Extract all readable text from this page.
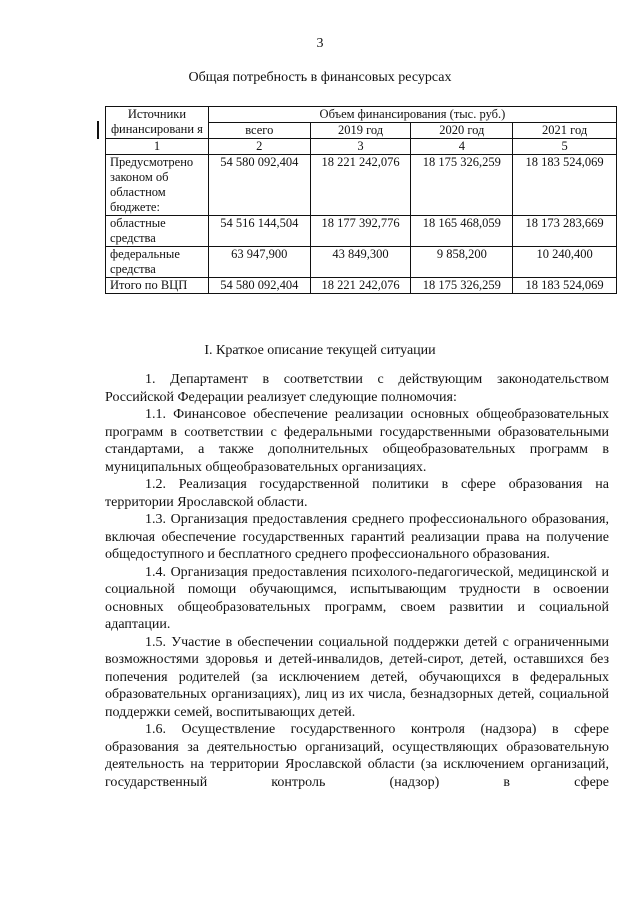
3
Общая потребность в финансовых ресурсах
Источники финансировани я	Объем финансирования (тыс. руб.)			
	всего	2019 год	2020 год	2021 год
1	2	3	4	5
Предусмотрено законом об областном бюджете:	54 580 092,404	18 221 242,076	18 175 326,259	18 183 524,069
областные средства	54 516 144,504	18 177 392,776	18 165 468,059	18 173 283,669
федеральные средства	63 947,900	43 849,300	9 858,200	10 240,400
Итого по ВЦП	54 580 092,404	18 221 242,076	18 175 326,259	18 183 524,069
I. Краткое описание текущей ситуации

1. Департамент в соответствии с действующим законодательством Российской Федерации реализует следующие полномочия:

1.1. Финансовое обеспечение реализации основных общеобразовательных программ в соответствии с федеральными государственными образовательными стандартами, а также дополнительных общеобразовательных программ в муниципальных общеобразовательных организациях.

1.2. Реализация государственной политики в сфере образования на территории Ярославской области.

1.3. Организация предоставления среднего профессионального образования, включая обеспечение государственных гарантий реализации права на получение общедоступного и бесплатного среднего профессионального образования.

1.4. Организация предоставления психолого-педагогической, медицинской и социальной помощи обучающимся, испытывающим трудности в освоении основных общеобразовательных программ, своем развитии и социальной адаптации.

1.5. Участие в обеспечении социальной поддержки детей с ограниченными возможностями здоровья и детей-инвалидов, детей-сирот, детей, оставшихся без попечения родителей (за исключением детей, обучающихся в федеральных образовательных организациях), лиц из их числа, безнадзорных детей, социальной поддержки семей, воспитывающих детей.

1.6. Осуществление государственного контроля (надзора) в сфере образования за деятельностью организаций, осуществляющих образовательную деятельность на территории Ярославской области (за исключением организаций, государственный контроль (надзор) в сфере
